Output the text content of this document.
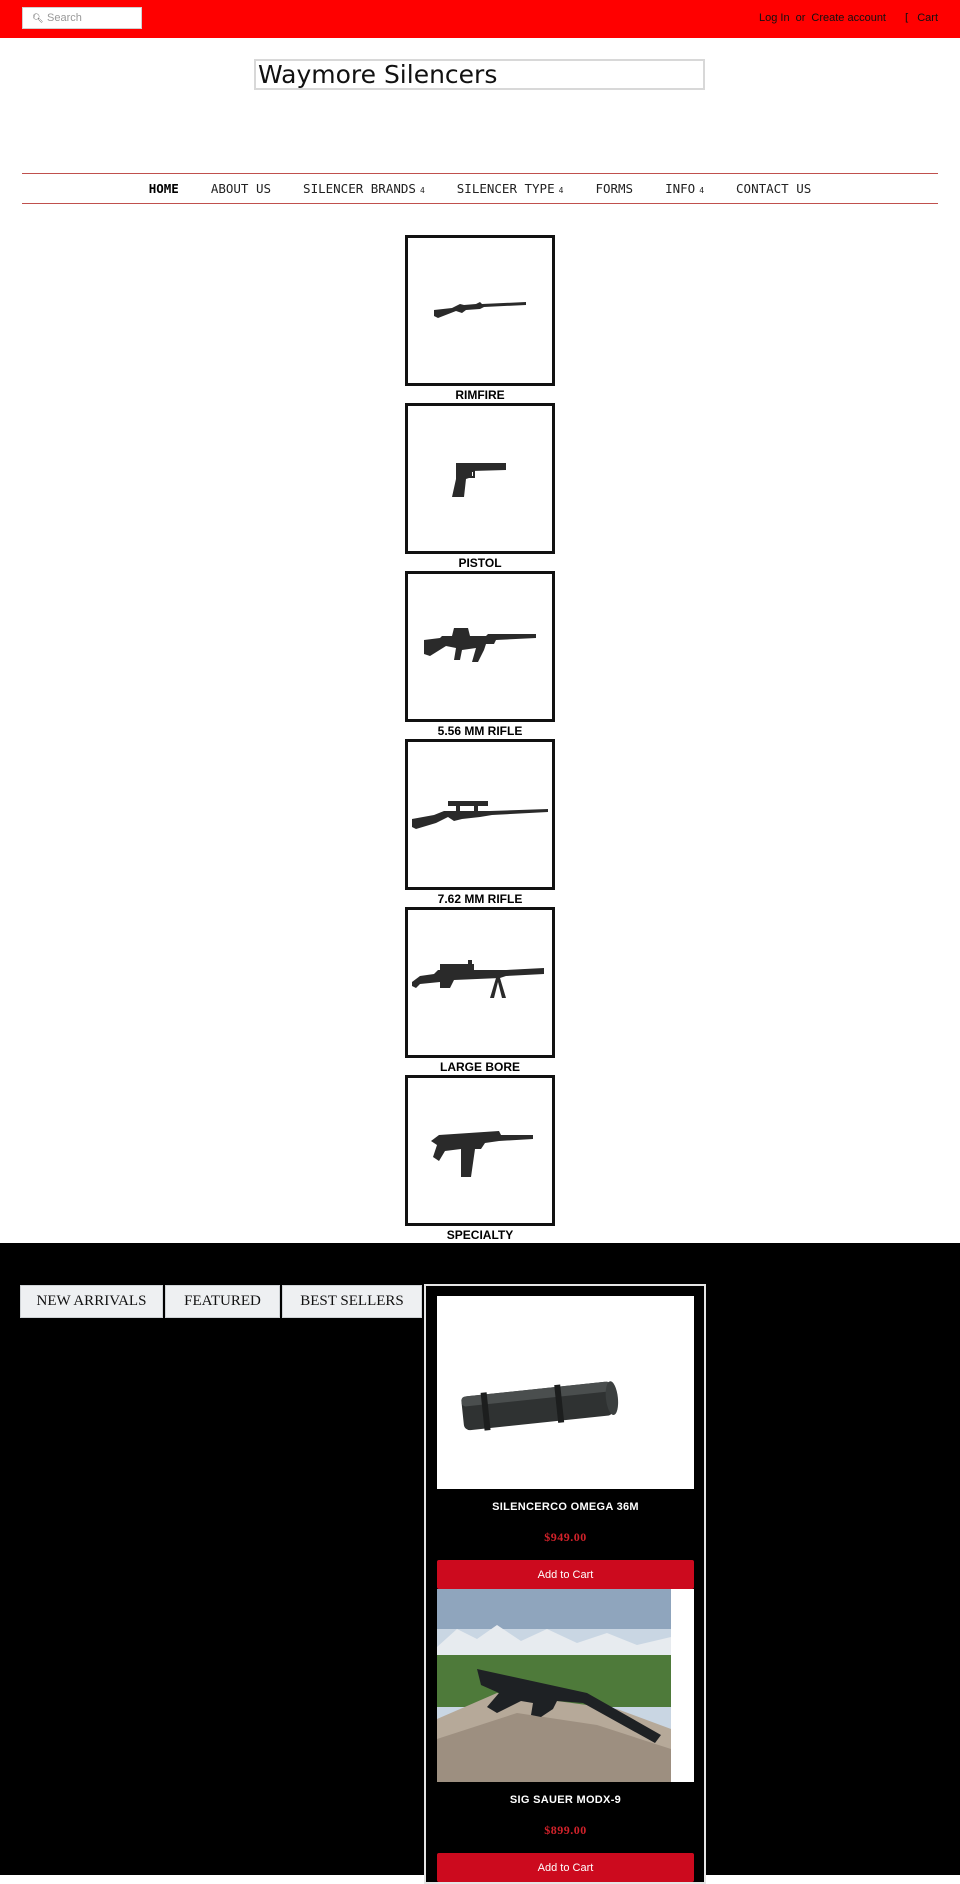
🔍︎
Search	Log In or Create account [ Cart
Waymore Silencers
HOME	ABOUT US	SILENCER BRANDS 4	SILENCER TYPE 4	FORMS	INFO 4	CONTACT US
RIMFIRE
PISTOL
5.56 MM RIFLE
7.62 MM RIFLE
LARGE BORE
SPECIALTY
NEW ARRIVALS	FEATURED	BEST SELLERS
SILENCERCO OMEGA 36M
$949.00
Add to Cart
SIG SAUER MODX-9
$899.00
Add to Cart
